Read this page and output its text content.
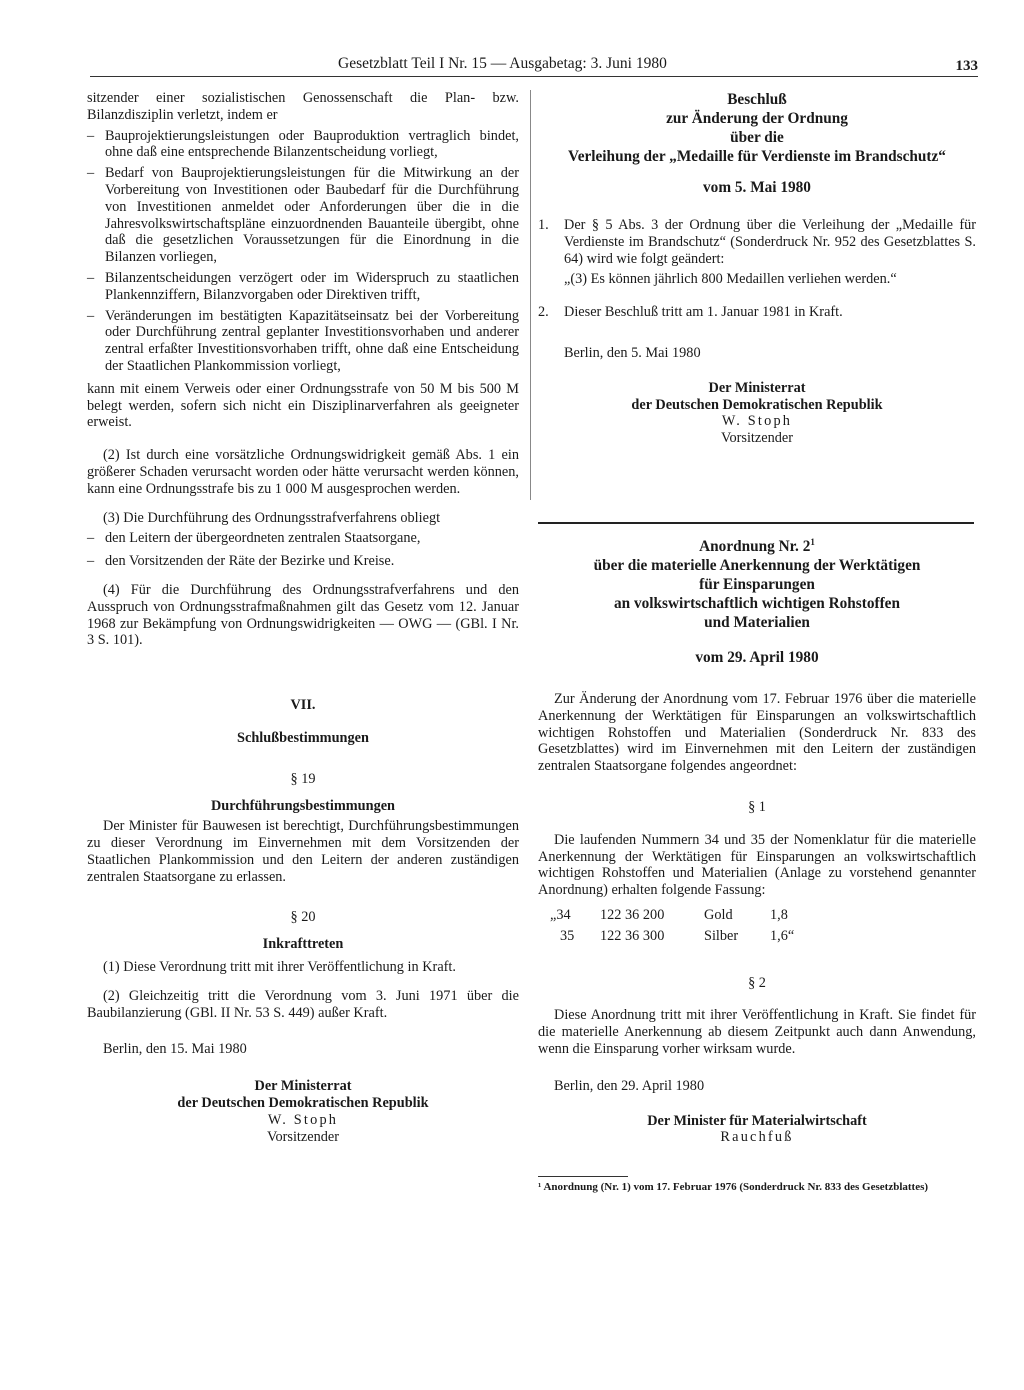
Gesetzblatt Teil I Nr. 15 — Ausgabetag: 3. Juni 1980	133

sitzender einer sozialistischen Genossenschaft die Plan- bzw. Bilanzdisziplin verletzt, indem er

– Bauprojektierungsleistungen oder Bauproduktion vertraglich bindet, ohne daß eine entsprechende Bilanzentscheidung vorliegt,
– Bedarf von Bauprojektierungsleistungen für die Mitwirkung an der Vorbereitung von Investitionen oder Baubedarf für die Durchführung von Investitionen anmeldet oder Anforderungen über die in die Jahresvolkswirtschaftspläne einzuordnenden Bauanteile übergibt, ohne daß die gesetzlichen Voraussetzungen für die Einordnung in die Bilanzen vorliegen,
– Bilanzentscheidungen verzögert oder im Widerspruch zu staatlichen Plankennziffern, Bilanzvorgaben oder Direktiven trifft,
– Veränderungen im bestätigten Kapazitätseinsatz bei der Vorbereitung oder Durchführung zentral geplanter Investitionsvorhaben und anderer zentral erfaßter Investitionsvorhaben trifft, ohne daß eine Entscheidung der Staatlichen Plankommission vorliegt,

kann mit einem Verweis oder einer Ordnungsstrafe von 50 M bis 500 M belegt werden, sofern sich nicht ein Disziplinarverfahren als geeigneter erweist.

(2) Ist durch eine vorsätzliche Ordnungswidrigkeit gemäß Abs. 1 ein größerer Schaden verursacht worden oder hätte verursacht werden können, kann eine Ordnungsstrafe bis zu 1 000 M ausgesprochen werden.

(3) Die Durchführung des Ordnungsstrafverfahrens obliegt

– den Leitern der übergeordneten zentralen Staatsorgane,
– den Vorsitzenden der Räte der Bezirke und Kreise.

(4) Für die Durchführung des Ordnungsstrafverfahrens und den Ausspruch von Ordnungsstrafmaßnahmen gilt das Gesetz vom 12. Januar 1968 zur Bekämpfung von Ordnungswidrigkeiten — OWG — (GBl. I Nr. 3 S. 101).

VII.

Schlußbestimmungen

§ 19

Durchführungsbestimmungen

Der Minister für Bauwesen ist berechtigt, Durchführungsbestimmungen zu dieser Verordnung im Einvernehmen mit dem Vorsitzenden der Staatlichen Plankommission und den Leitern der anderen zuständigen zentralen Staatsorgane zu erlassen.

§ 20

Inkrafttreten

(1) Diese Verordnung tritt mit ihrer Veröffentlichung in Kraft.

(2) Gleichzeitig tritt die Verordnung vom 3. Juni 1971 über die Baubilanzierung (GBl. II Nr. 53 S. 449) außer Kraft.

Berlin, den 15. Mai 1980

Der Ministerrat

der Deutschen Demokratischen Republik

W. Stoph

Vorsitzender

Beschluß

zur Änderung der Ordnung

über die

Verleihung der „Medaille für Verdienste im Brandschutz“

vom 5. Mai 1980

1. Der § 5 Abs. 3 der Ordnung über die Verleihung der „Medaille für Verdienste im Brandschutz“ (Sonderdruck Nr. 952 des Gesetzblattes S. 64) wird wie folgt geändert:

„(3) Es können jährlich 800 Medaillen verliehen werden.“

2. Dieser Beschluß tritt am 1. Januar 1981 in Kraft.

Berlin, den 5. Mai 1980

Der Ministerrat

der Deutschen Demokratischen Republik

W. Stoph

Vorsitzender

Anordnung Nr. $2^1$

über die materielle Anerkennung der Werktätigen

für Einsparungen

an volkswirtschaftlich wichtigen Rohstoffen

und Materialien

vom 29. April 1980

Zur Änderung der Anordnung vom 17. Februar 1976 über die materielle Anerkennung der Werktätigen für Einsparungen an volkswirtschaftlich wichtigen Rohstoffen und Materialien (Sonderdruck Nr. 833 des Gesetzblattes) wird im Einvernehmen mit den Leitern der zuständigen zentralen Staatsorgane folgendes angeordnet:

§ 1

Die laufenden Nummern 34 und 35 der Nomenklatur für die materielle Anerkennung der Werktätigen für Einsparungen an volkswirtschaftlich wichtigen Rohstoffen und Materialien (Anlage zu vorstehend genannter Anordnung) erhalten folgende Fassung:

„34	122 36 200	Gold	1,8
35	122 36 300	Silber	1,6“

§ 2

Diese Anordnung tritt mit ihrer Veröffentlichung in Kraft. Sie findet für die materielle Anerkennung ab diesem Zeitpunkt auch dann Anwendung, wenn die Einsparung vorher wirksam wurde.

Berlin, den 29. April 1980

Der Minister für Materialwirtschaft

Rauchfuß

¹ Anordnung (Nr. 1) vom 17. Februar 1976 (Sonderdruck Nr. 833 des Gesetzblattes)
